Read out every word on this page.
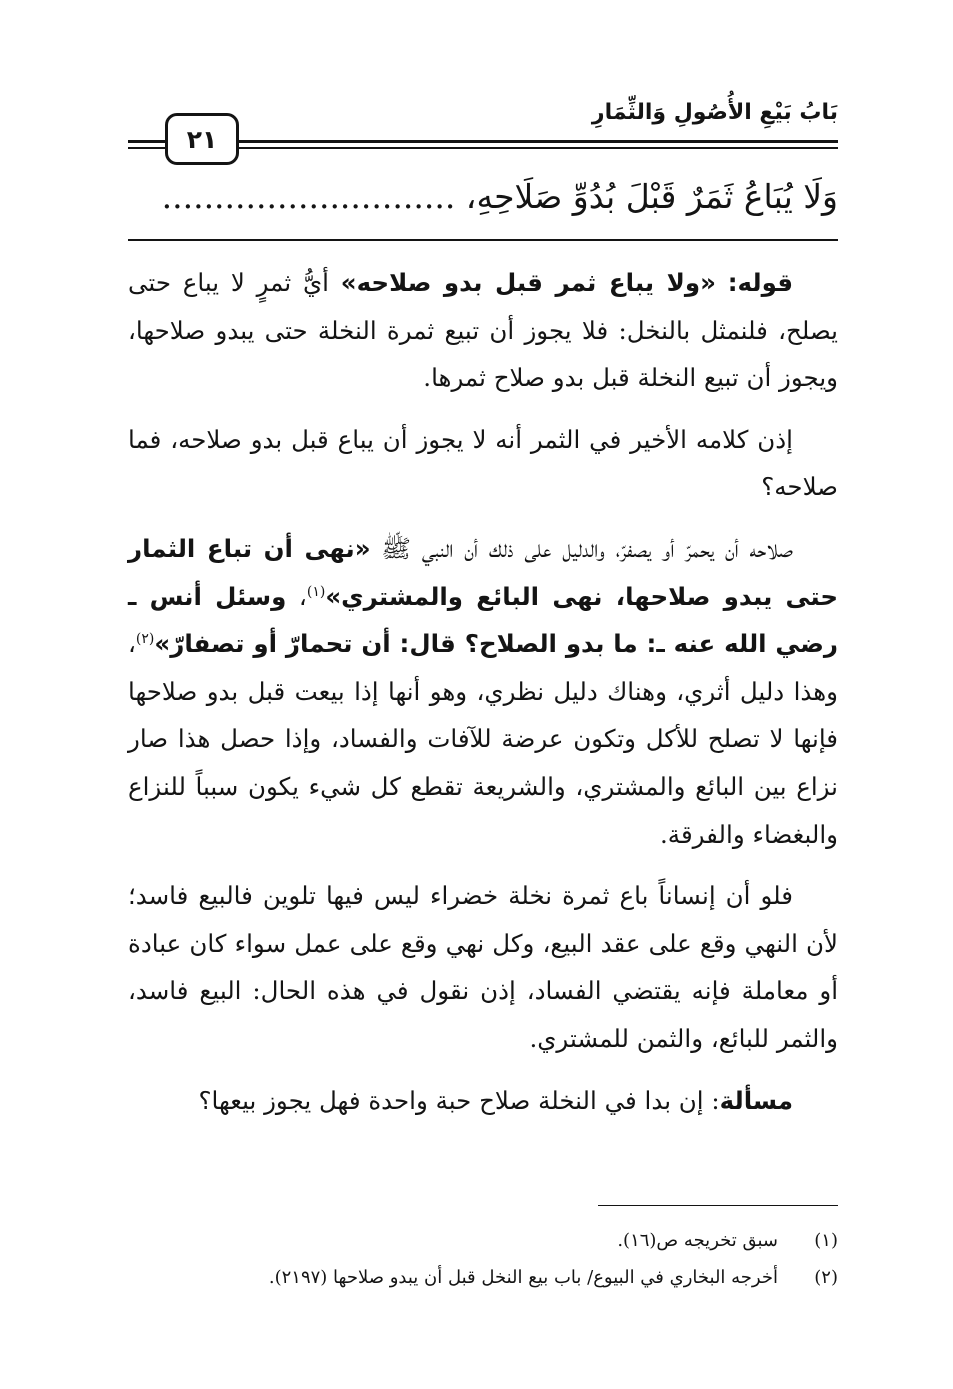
بَابُ بَيْعِ الأُصُولِ وَالثِّمَارِ
٢١
وَلَا يُبَاعُ ثَمَرٌ قَبْلَ بُدُوِّ صَلَاحِهِ، ............................

قوله: «ولا يباع ثمر قبل بدو صلاحه» أيُّ ثمرٍ لا يباع حتى يصلح، فلنمثل بالنخل: فلا يجوز أن تبيع ثمرة النخلة حتى يبدو صلاحها، ويجوز أن تبيع النخلة قبل بدو صلاح ثمرها.

إذن كلامه الأخير في الثمر أنه لا يجوز أن يباع قبل بدو صلاحه، فما صلاحه؟

صلاحه أن يحمرّ أو يصفرّ، والدليل على ذلك أن النبي ﷺ «نهى أن تباع الثمار حتى يبدو صلاحها، نهى البائع والمشتري»$^{(١)}$، وسئل أنس ـ رضي الله عنه ـ: ما بدو الصلاح؟ قال: أن تحمارّ أو تصفارّ»$^{(٢)}$، وهذا دليل أثري، وهناك دليل نظري، وهو أنها إذا بيعت قبل بدو صلاحها فإنها لا تصلح للأكل وتكون عرضة للآفات والفساد، وإذا حصل هذا صار نزاع بين البائع والمشتري، والشريعة تقطع كل شيء يكون سبباً للنزاع والبغضاء والفرقة.

فلو أن إنساناً باع ثمرة نخلة خضراء ليس فيها تلوين فالبيع فاسد؛ لأن النهي وقع على عقد البيع، وكل نهي وقع على عمل سواء كان عبادة أو معاملة فإنه يقتضي الفساد، إذن نقول في هذه الحال: البيع فاسد، والثمر للبائع، والثمن للمشتري.

مسألة: إن بدا في النخلة صلاح حبة واحدة فهل يجوز بيعها؟

(١)
سبق تخريجه ص(١٦).
(٢)
أخرجه البخاري في البيوع/ باب بيع النخل قبل أن يبدو صلاحها (٢١٩٧).
